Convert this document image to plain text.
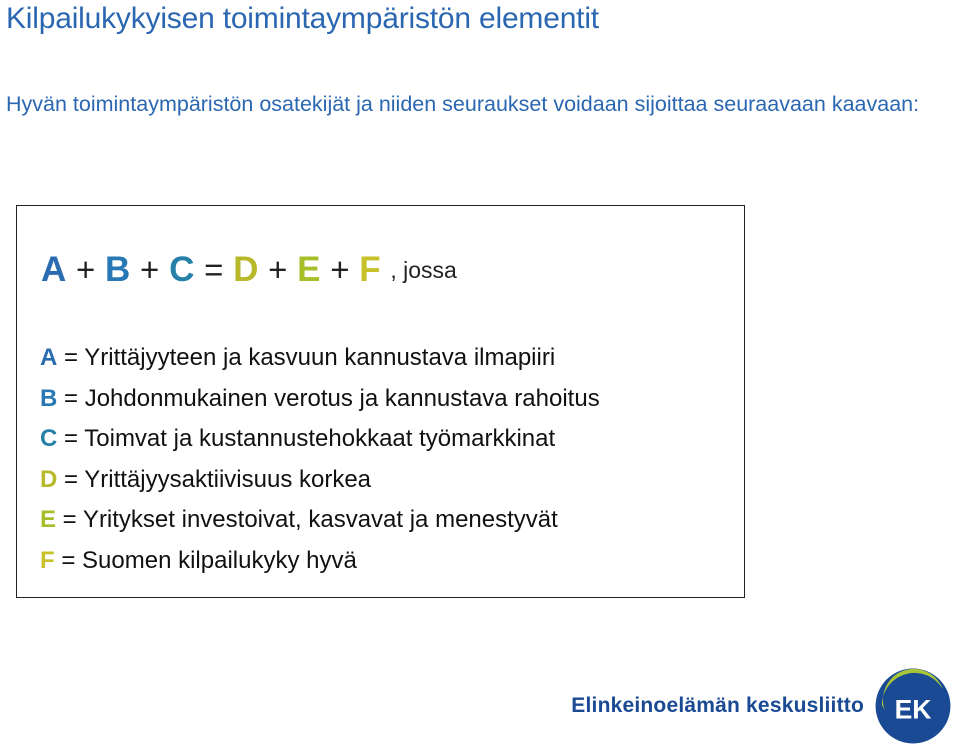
Kilpailukykyisen toimintaympäristön elementit

Hyvän toimintaympäristön osatekijät ja niiden seuraukset voidaan sijoittaa seuraavaan kaavaan:

A + B + C = D + E + F , jossa
A = Yrittäjyyteen ja kasvuun kannustava ilmapiiri
B = Johdonmukainen verotus ja kannustava rahoitus
C = Toimvat ja kustannustehokkaat työmarkkinat
D = Yrittäjyysaktiivisuus korkea
E = Yritykset investoivat, kasvavat ja menestyvät
F = Suomen kilpailukyky hyvä
Elinkeinoelämän keskusliitto EK
